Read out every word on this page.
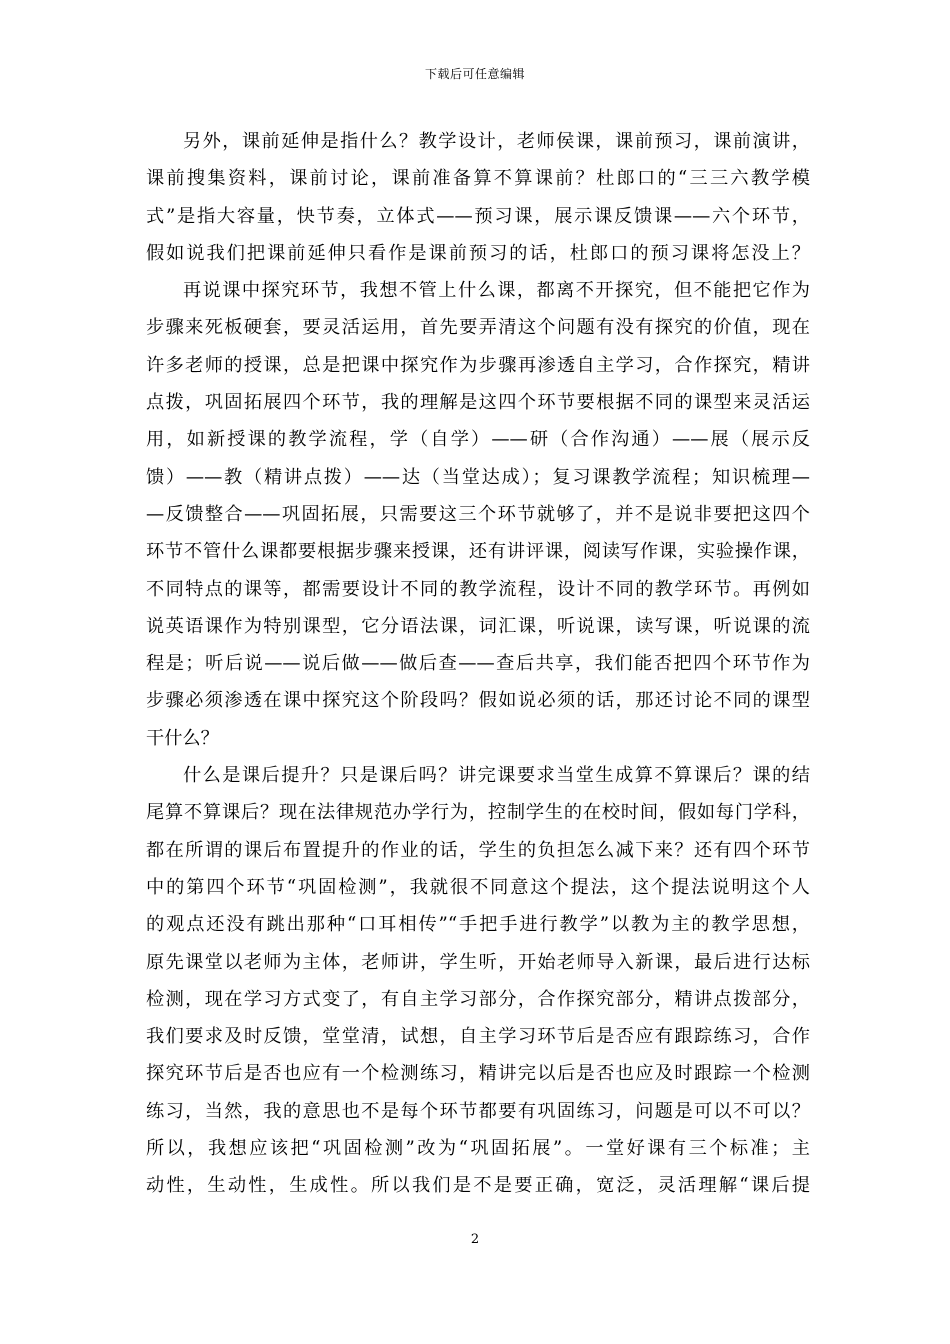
下载后可任意编辑
另外，课前延伸是指什么？教学设计，老师侯课，课前预习，课前演讲，
课前搜集资料，课前讨论，课前准备算不算课前？杜郎口的“三三六教学模
式”是指大容量，快节奏，立体式——预习课，展示课反馈课——六个环节，
假如说我们把课前延伸只看作是课前预习的话，杜郎口的预习课将怎没上？
再说课中探究环节，我想不管上什么课，都离不开探究，但不能把它作为
步骤来死板硬套，要灵活运用，首先要弄清这个问题有没有探究的价值，现在
许多老师的授课，总是把课中探究作为步骤再渗透自主学习，合作探究，精讲
点拨，巩固拓展四个环节，我的理解是这四个环节要根据不同的课型来灵活运
用，如新授课的教学流程，学（自学）——研（合作沟通）——展（展示反
馈）——教（精讲点拨）——达（当堂达成）；复习课教学流程；知识梳理—
—反馈整合——巩固拓展，只需要这三个环节就够了，并不是说非要把这四个
环节不管什么课都要根据步骤来授课，还有讲评课，阅读写作课，实验操作课，
不同特点的课等，都需要设计不同的教学流程，设计不同的教学环节。再例如
说英语课作为特别课型，它分语法课，词汇课，听说课，读写课，听说课的流
程是；听后说——说后做——做后查——查后共享，我们能否把四个环节作为
步骤必须渗透在课中探究这个阶段吗？假如说必须的话，那还讨论不同的课型
干什么？
什么是课后提升？只是课后吗？讲完课要求当堂生成算不算课后？课的结
尾算不算课后？现在法律规范办学行为，控制学生的在校时间，假如每门学科，
都在所谓的课后布置提升的作业的话，学生的负担怎么减下来？还有四个环节
中的第四个环节“巩固检测”，我就很不同意这个提法，这个提法说明这个人
的观点还没有跳出那种“口耳相传”“手把手进行教学”以教为主的教学思想，
原先课堂以老师为主体，老师讲，学生听，开始老师导入新课，最后进行达标
检测，现在学习方式变了，有自主学习部分，合作探究部分，精讲点拨部分，
我们要求及时反馈，堂堂清，试想，自主学习环节后是否应有跟踪练习，合作
探究环节后是否也应有一个检测练习，精讲完以后是否也应及时跟踪一个检测
练习，当然，我的意思也不是每个环节都要有巩固练习，问题是可以不可以？
所以，我想应该把“巩固检测”改为“巩固拓展”。一堂好课有三个标准；主
动性，生动性，生成性。所以我们是不是要正确，宽泛，灵活理解“课后提
2
